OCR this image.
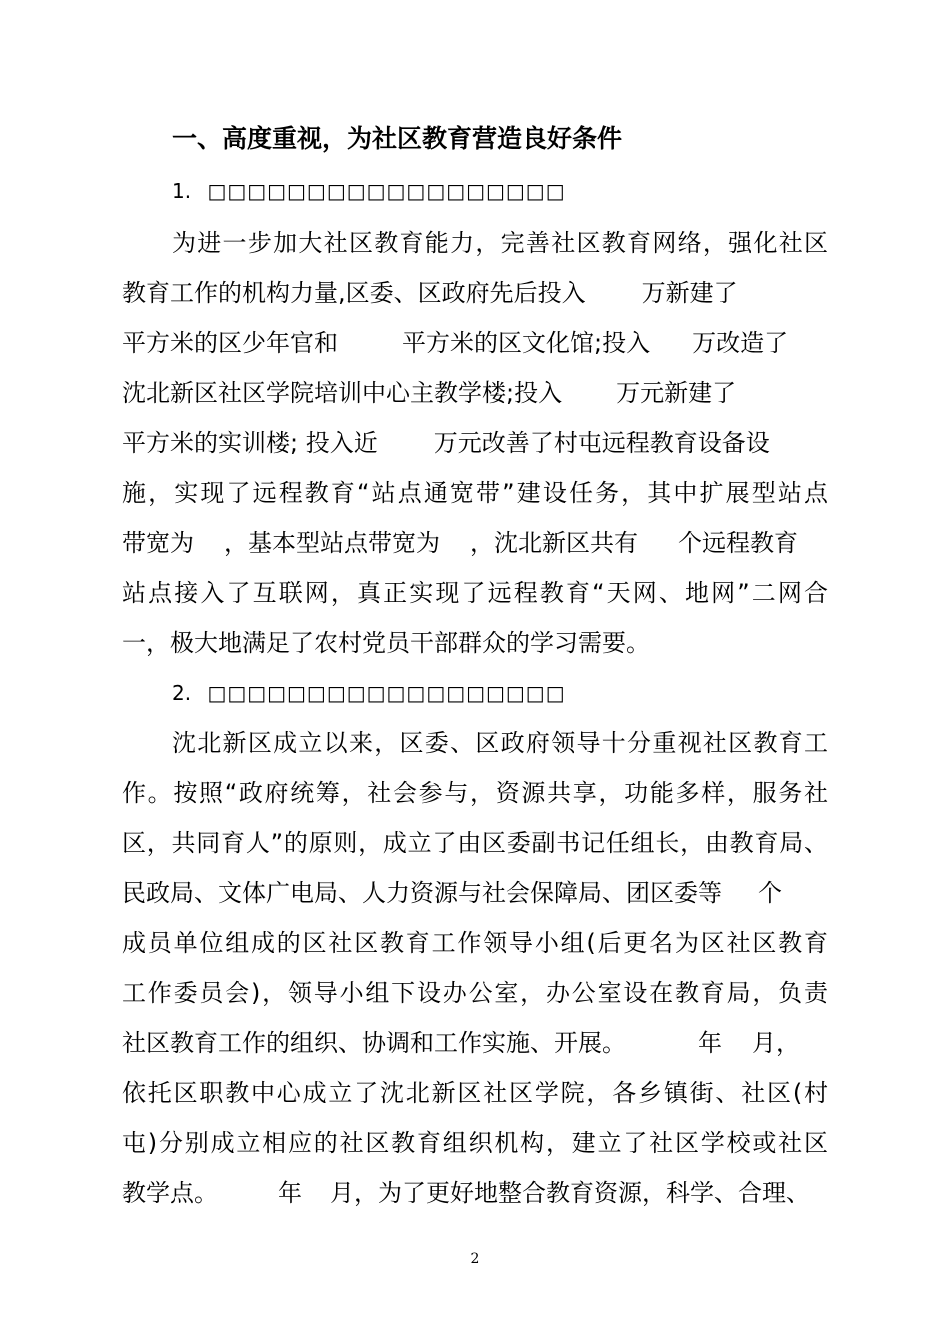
一、高度重视，为社区教育营造良好条件
1. □□□□□□□□□□□□□□□□□□
为进一步加大社区教育能力，完善社区教育网络，强化社区
教育工作的机构力量,区委、区政府先后投入 万新建了
平方米的区少年官和	平方米的区文化馆;投入 万改造了
沈北新区社区学院培训中心主教学楼;投入 万元新建了
平方米的实训楼; 投入近 万元改善了村屯远程教育设备设
施，实现了远程教育“站点通宽带”建设任务，其中扩展型站点
带宽为 ，基本型站点带宽为 ，沈北新区共有 个远程教育
站点接入了互联网，真正实现了远程教育“天网、地网”二网合
一，极大地满足了农村党员干部群众的学习需要。
2. □□□□□□□□□□□□□□□□□□
沈北新区成立以来，区委、区政府领导十分重视社区教育工
作。按照“政府统筹，社会参与，资源共享，功能多样，服务社
区，共同育人”的原则，成立了由区委副书记任组长，由教育局、
民政局、文体广电局、人力资源与社会保障局、团区委等 个
成员单位组成的区社区教育工作领导小组(后更名为区社区教育
工作委员会)，领导小组下设办公室，办公室设在教育局，负责
社区教育工作的组织、协调和工作实施、开展。	年 月，
依托区职教中心成立了沈北新区社区学院，各乡镇街、社区(村
屯)分别成立相应的社区教育组织机构，建立了社区学校或社区
教学点。	年 月，为了更好地整合教育资源，科学、合理、
2
